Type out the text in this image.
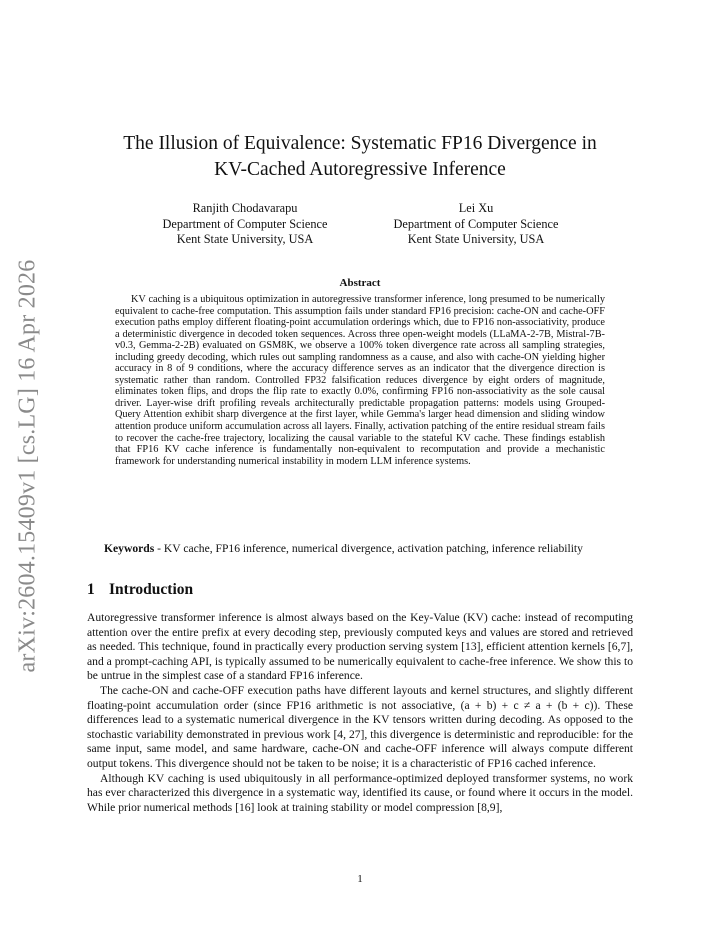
arXiv:2604.15409v1 [cs.LG] 16 Apr 2026
The Illusion of Equivalence: Systematic FP16 Divergence in
KV-Cached Autoregressive Inference
Ranjith Chodavarapu
Department of Computer Science
Kent State University, USA
Lei Xu
Department of Computer Science
Kent State University, USA
Abstract

KV caching is a ubiquitous optimization in autoregressive transformer inference, long presumed to be numerically equivalent to cache-free computation. This assumption fails under standard FP16 precision: cache-ON and cache-OFF execution paths employ different floating-point accumulation orderings which, due to FP16 non-associativity, produce a deterministic divergence in decoded token sequences. Across three open-weight models (LLaMA-2-7B, Mistral-7B-v0.3, Gemma-2-2B) evaluated on GSM8K, we observe a 100% token divergence rate across all sampling strategies, including greedy decoding, which rules out sampling randomness as a cause, and also with cache-ON yielding higher accuracy in 8 of 9 conditions, where the accuracy difference serves as an indicator that the divergence direction is systematic rather than random. Controlled FP32 falsification reduces divergence by eight orders of magnitude, eliminates token flips, and drops the flip rate to exactly 0.0%, confirming FP16 non-associativity as the sole causal driver. Layer-wise drift profiling reveals architecturally predictable propagation patterns: models using Grouped-Query Attention exhibit sharp divergence at the first layer, while Gemma's larger head dimension and sliding window attention produce uniform accumulation across all layers. Finally, activation patching of the entire residual stream fails to recover the cache-free trajectory, localizing the causal variable to the stateful KV cache. These findings establish that FP16 KV cache inference is fundamentally non-equivalent to recomputation and provide a mechanistic framework for understanding numerical instability in modern LLM inference systems.

Keywords - KV cache, FP16 inference, numerical divergence, activation patching, inference reliability
1 Introduction

Autoregressive transformer inference is almost always based on the Key-Value (KV) cache: instead of recomputing attention over the entire prefix at every decoding step, previously computed keys and values are stored and retrieved as needed. This technique, found in practically every production serving system [13], efficient attention kernels [6,7], and a prompt-caching API, is typically assumed to be numerically equivalent to cache-free inference. We show this to be untrue in the simplest case of a standard FP16 inference.

The cache-ON and cache-OFF execution paths have different layouts and kernel structures, and slightly different floating-point accumulation order (since FP16 arithmetic is not associative, (a + b) + c ≠ a + (b + c)). These differences lead to a systematic numerical divergence in the KV tensors written during decoding. As opposed to the stochastic variability demonstrated in previous work [4, 27], this divergence is deterministic and reproducible: for the same input, same model, and same hardware, cache-ON and cache-OFF inference will always compute different output tokens. This divergence should not be taken to be noise; it is a characteristic of FP16 cached inference.

Although KV caching is used ubiquitously in all performance-optimized deployed transformer systems, no work has ever characterized this divergence in a systematic way, identified its cause, or found where it occurs in the model. While prior numerical methods [16] look at training stability or model compression [8,9],

1
